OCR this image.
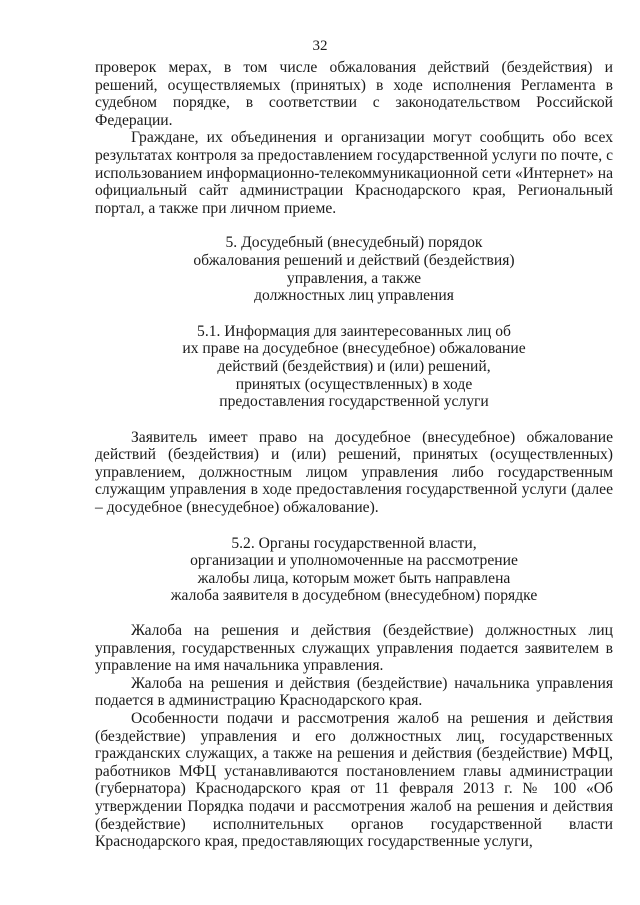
32

проверок мерах, в том числе обжалования действий (бездействия) и решений, осуществляемых (принятых) в ходе исполнения Регламента в судебном порядке, в соответствии с законодательством Российской Федерации.

Граждане, их объединения и организации могут сообщить обо всех результатах контроля за предоставлением государственной услуги по почте, с использованием информационно-телекоммуникационной сети «Интернет» на официальный сайт администрации Краснодарского края, Региональный портал, а также при личном приеме.

5. Досудебный (внесудебный) порядок
обжалования решений и действий (бездействия)
управления, а также
должностных лиц управления
5.1. Информация для заинтересованных лиц об
их праве на досудебное (внесудебное) обжалование
действий (бездействия) и (или) решений,
принятых (осуществленных) в ходе
предоставления государственной услуги

Заявитель имеет право на досудебное (внесудебное) обжалование действий (бездействия) и (или) решений, принятых (осуществленных) управлением, должностным лицом управления либо государственным служащим управления в ходе предоставления государственной услуги (далее – досудебное (внесудебное) обжалование).

5.2. Органы государственной власти,
организации и уполномоченные на рассмотрение
жалобы лица, которым может быть направлена
жалоба заявителя в досудебном (внесудебном) порядке

Жалоба на решения и действия (бездействие) должностных лиц управления, государственных служащих управления подается заявителем в управление на имя начальника управления.

Жалоба на решения и действия (бездействие) начальника управления подается в администрацию Краснодарского края.

Особенности подачи и рассмотрения жалоб на решения и действия (бездействие) управления и его должностных лиц, государственных гражданских служащих, а также на решения и действия (бездействие) МФЦ, работников МФЦ устанавливаются постановлением главы администрации (губернатора) Краснодарского края от 11 февраля 2013 г. № 100 «Об утверждении Порядка подачи и рассмотрения жалоб на решения и действия (бездействие) исполнительных органов государственной власти Краснодарского края, предоставляющих государственные услуги,
